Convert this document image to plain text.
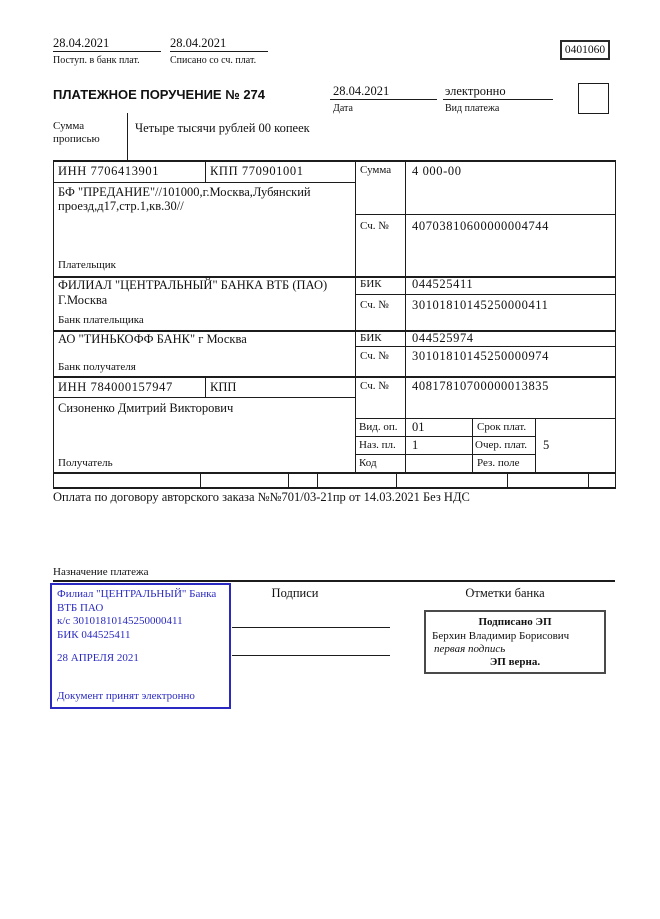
28.04.2021
Поступ. в банк плат.
28.04.2021
Списано со сч. плат.
0401060
ПЛАТЕЖНОЕ ПОРУЧЕНИЕ № 274	28.04.2021
Дата
электронно
Вид платежа
Сумма прописью
Четыре тысячи рублей 00 копеек
ИНН 7706413901	КПП 770901001
БФ "ПРЕДАНИЕ"//101000,г.Москва,Лубянский проезд,д17,стр.1,кв.30//
Плательщик
Сумма 4 000-00
Сч. № 40703810600000004744
ФИЛИАЛ "ЦЕНТРАЛЬНЫЙ" БАНКА ВТБ (ПАО)
Г.Москва
Банк плательщика
БИК 044525411
Сч. № 30101810145250000411
АО "ТИНЬКОФФ БАНК" г Москва
Банк получателя
БИК 044525974
Сч. № 30101810145250000974
ИНН 784000157947	КПП	Сч. № 40817810700000013835
Сизоненко Дмитрий Викторович
Получатель
Вид. оп. 01	Срок плат.
Наз. пл. 1	Очер. плат. 5
Код	Рез. поле
Оплата по договору авторского заказа №№701/03-21пр от 14.03.2021 Без НДС
Назначение платежа
Подписи	Отметки банка
Филиал "ЦЕНТРАЛЬНЫЙ" Банка
ВТБ ПАО
к/с 30101810145250000411
БИК 044525411
28 АПРЕЛЯ 2021
Документ принят электронно
Подписано ЭП
Берхин Владимир Борисович
первая подпись
ЭП верна.
